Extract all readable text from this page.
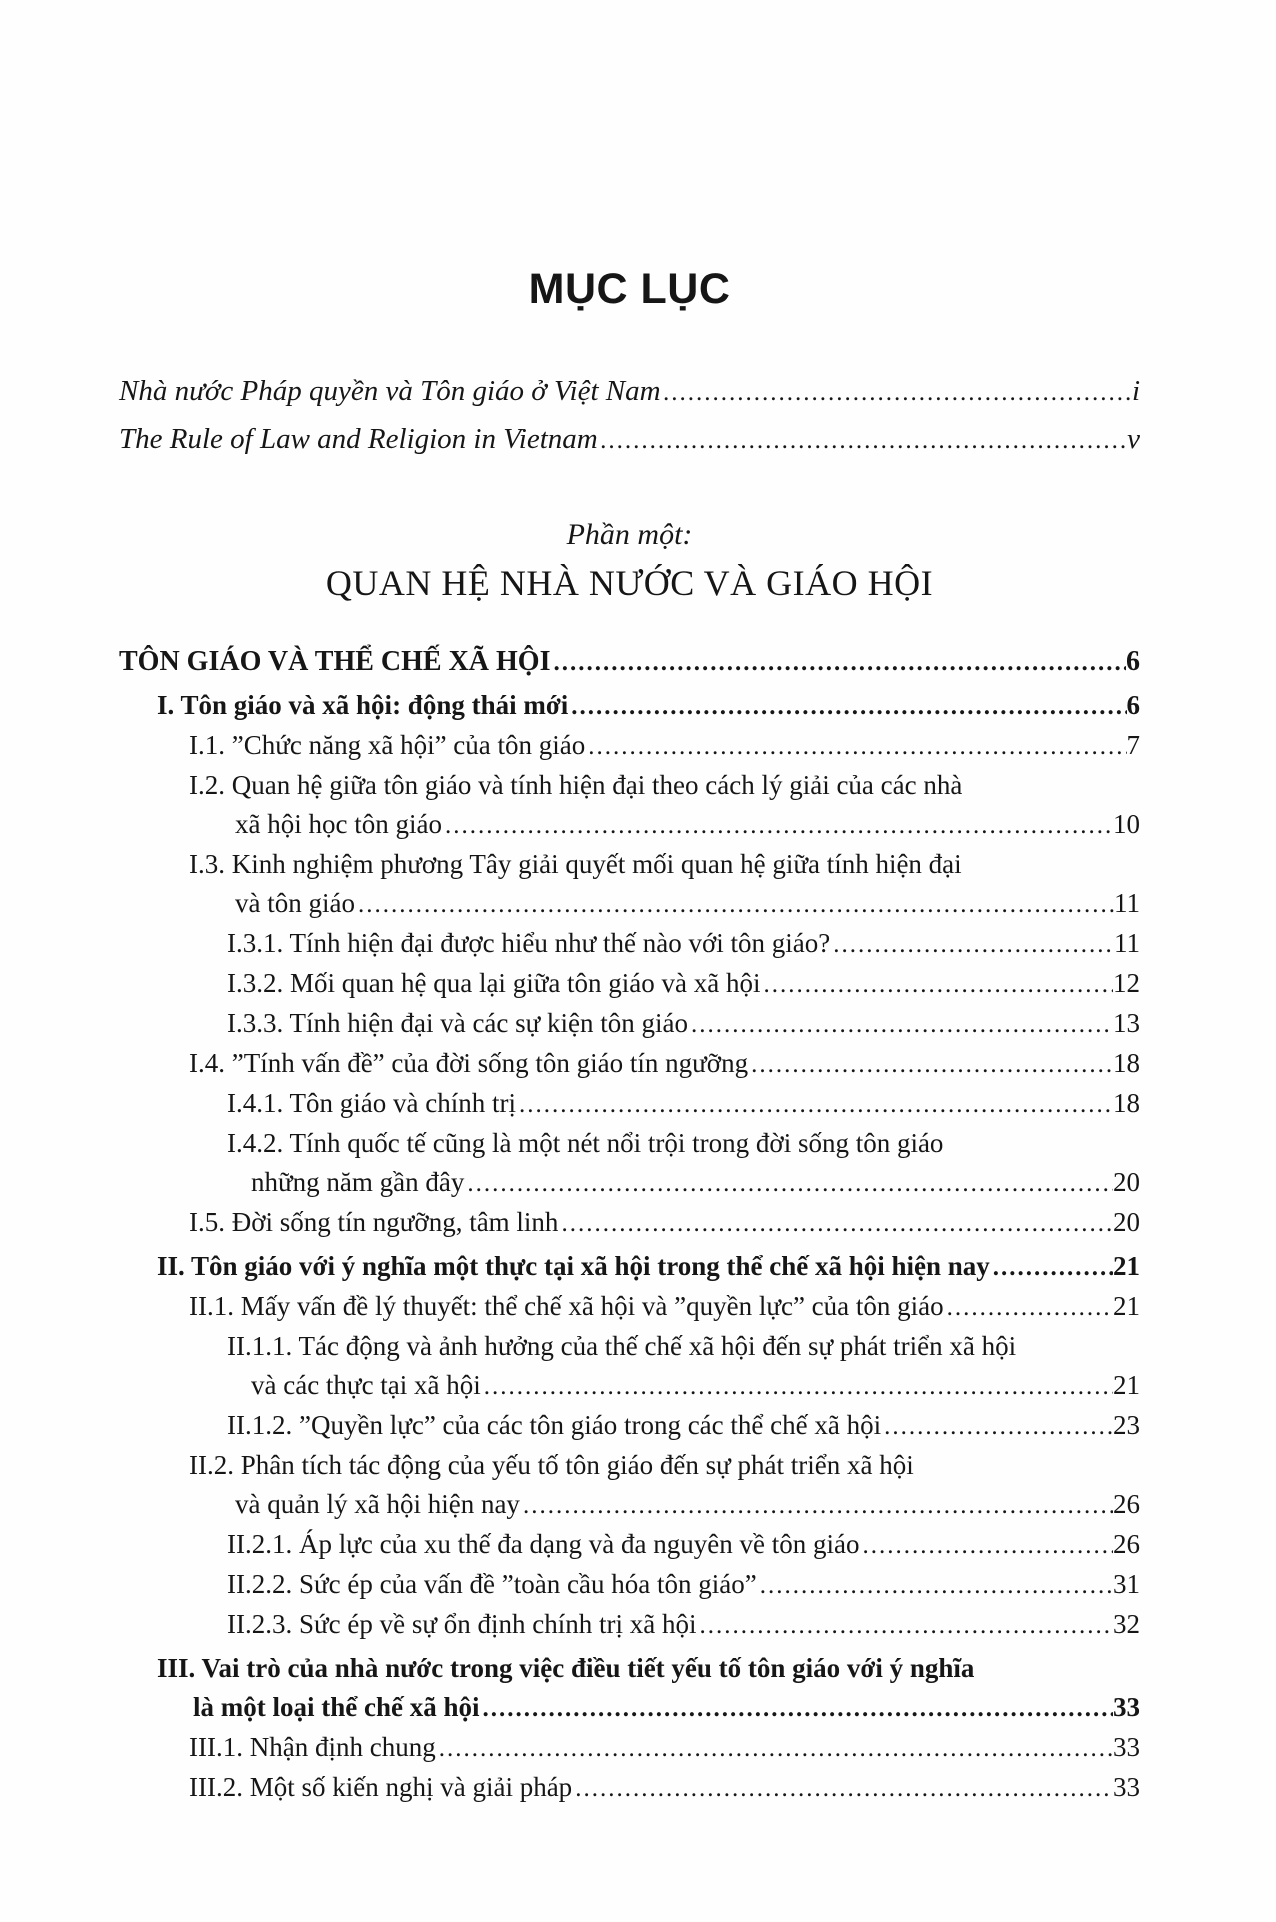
MỤC LỤC
Nhà nước Pháp quyền và Tôn giáo ở Việt Nam .....	i
The Rule of Law and Religion in Vietnam .....	v
Phần một:
QUAN HỆ NHÀ NƯỚC VÀ GIÁO HỘI
TÔN GIÁO VÀ THỂ CHẾ XÃ HỘI .....	6
I. Tôn giáo và xã hội: động thái mới .....	6
I.1. ”Chức năng xã hội” của tôn giáo .....	7
I.2. Quan hệ giữa tôn giáo và tính hiện đại theo cách lý giải của các nhà
xã hội học tôn giáo .....	10
I.3. Kinh nghiệm phương Tây giải quyết mối quan hệ giữa tính hiện đại
và tôn giáo .....	11
I.3.1. Tính hiện đại được hiểu như thế nào với tôn giáo? .....	11
I.3.2. Mối quan hệ qua lại giữa tôn giáo và xã hội .....	12
I.3.3. Tính hiện đại và các sự kiện tôn giáo .....	13
I.4. ”Tính vấn đề” của đời sống tôn giáo tín ngưỡng .....	18
I.4.1. Tôn giáo và chính trị .....	18
I.4.2. Tính quốc tế cũng là một nét nổi trội trong đời sống tôn giáo
những năm gần đây .....	20
I.5. Đời sống tín ngưỡng, tâm linh .....	20
II. Tôn giáo với ý nghĩa một thực tại xã hội trong thể chế xã hội hiện nay .....	21
II.1. Mấy vấn đề lý thuyết: thể chế xã hội và ”quyền lực” của tôn giáo .....	21
II.1.1. Tác động và ảnh hưởng của thế chế xã hội đến sự phát triển xã hội
và các thực tại xã hội .....	21
II.1.2. ”Quyền lực” của các tôn giáo trong các thể chế xã hội .....	23
II.2. Phân tích tác động của yếu tố tôn giáo đến sự phát triển xã hội
và quản lý xã hội hiện nay .....	26
II.2.1. Áp lực của xu thế đa dạng và đa nguyên về tôn giáo .....	26
II.2.2. Sức ép của vấn đề ”toàn cầu hóa tôn giáo” .....	31
II.2.3. Sức ép về sự ổn định chính trị xã hội .....	32
III. Vai trò của nhà nước trong việc điều tiết yếu tố tôn giáo với ý nghĩa
là một loại thể chế xã hội .....	33
III.1. Nhận định chung .....	33
III.2. Một số kiến nghị và giải pháp .....	33
